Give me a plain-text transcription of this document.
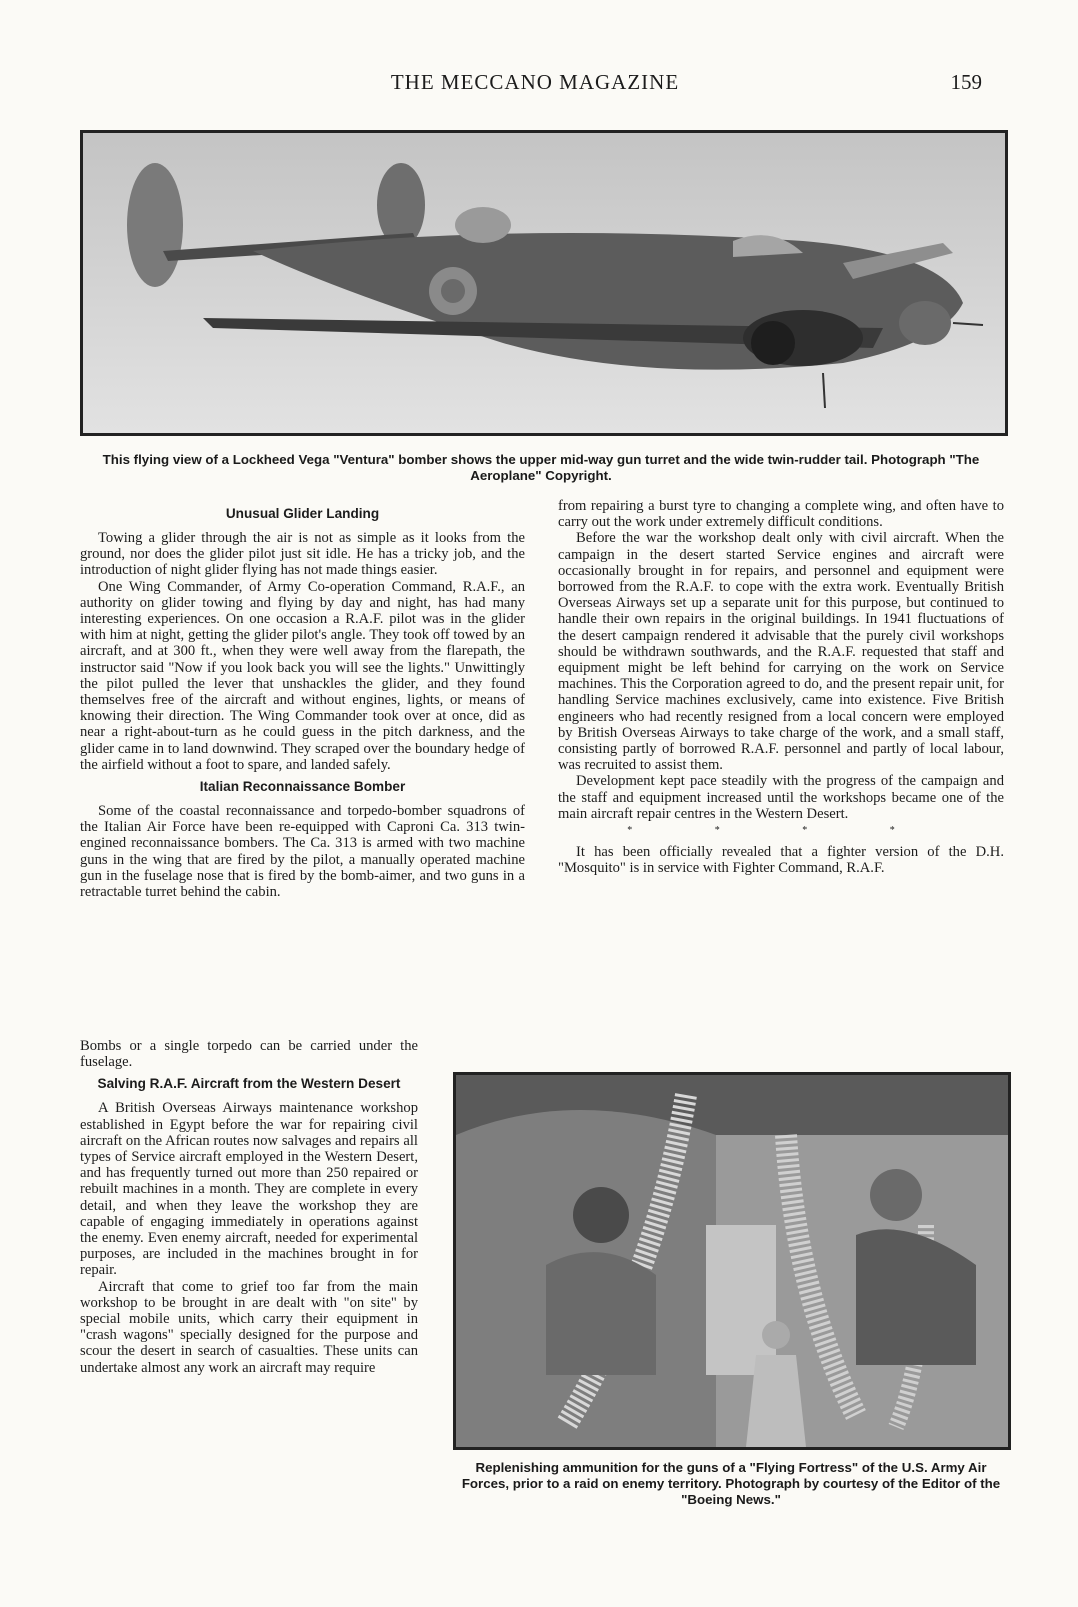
THE MECCANO MAGAZINE	159
This flying view of a Lockheed Vega "Ventura" bomber shows the upper mid-way gun turret and the wide twin-rudder tail. Photograph "The Aeroplane" Copyright.
Unusual Glider Landing

Towing a glider through the air is not as simple as it looks from the ground, nor does the glider pilot just sit idle. He has a tricky job, and the introduction of night glider flying has not made things easier.

One Wing Commander, of Army Co-operation Command, R.A.F., an authority on glider towing and flying by day and night, has had many interesting experiences. On one occasion a R.A.F. pilot was in the glider with him at night, getting the glider pilot's angle. They took off towed by an aircraft, and at 300 ft., when they were well away from the flarepath, the instructor said "Now if you look back you will see the lights." Unwittingly the pilot pulled the lever that unshackles the glider, and they found themselves free of the aircraft and without engines, lights, or means of knowing their direction. The Wing Commander took over at once, did as near a right-about-turn as he could guess in the pitch darkness, and the glider came in to land downwind. They scraped over the boundary hedge of the airfield without a foot to spare, and landed safely.

Italian Reconnaissance Bomber

Some of the coastal reconnaissance and torpedo-bomber squadrons of the Italian Air Force have been re-equipped with Caproni Ca. 313 twin-engined reconnaissance bombers. The Ca. 313 is armed with two machine guns in the wing that are fired by the pilot, a manually operated machine gun in the fuselage nose that is fired by the bomb-aimer, and two guns in a retractable turret behind the cabin.

Bombs or a single torpedo can be carried under the fuselage.

Salving R.A.F. Aircraft from the Western Desert

A British Overseas Airways maintenance workshop established in Egypt before the war for repairing civil aircraft on the African routes now salvages and repairs all types of Service aircraft employed in the Western Desert, and has frequently turned out more than 250 repaired or rebuilt machines in a month. They are complete in every detail, and when they leave the workshop they are capable of engaging immediately in operations against the enemy. Even enemy aircraft, needed for experimental purposes, are included in the machines brought in for repair.

Aircraft that come to grief too far from the main workshop to be brought in are dealt with "on site" by special mobile units, which carry their equipment in "crash wagons" specially designed for the purpose and scour the desert in search of casualties. These units can undertake almost any work an aircraft may require

from repairing a burst tyre to changing a complete wing, and often have to carry out the work under extremely difficult conditions.

Before the war the workshop dealt only with civil aircraft. When the campaign in the desert started Service engines and aircraft were occasionally brought in for repairs, and personnel and equipment were borrowed from the R.A.F. to cope with the extra work. Eventually British Overseas Airways set up a separate unit for this purpose, but continued to handle their own repairs in the original buildings. In 1941 fluctuations of the desert campaign rendered it advisable that the purely civil workshops should be withdrawn southwards, and the R.A.F. requested that staff and equipment might be left behind for carrying on the work on Service machines. This the Corporation agreed to do, and the present repair unit, for handling Service machines exclusively, came into existence. Five British engineers who had recently resigned from a local concern were employed by British Overseas Airways to take charge of the work, and a small staff, consisting partly of borrowed R.A.F. personnel and partly of local labour, was recruited to assist them.

Development kept pace steadily with the progress of the campaign and the staff and equipment increased until the workshops became one of the main aircraft repair centres in the Western Desert.

* * * *

It has been officially revealed that a fighter version of the D.H. "Mosquito" is in service with Fighter Command, R.A.F.

Replenishing ammunition for the guns of a "Flying Fortress" of the U.S. Army Air Forces, prior to a raid on enemy territory. Photograph by courtesy of the Editor of the "Boeing News."
